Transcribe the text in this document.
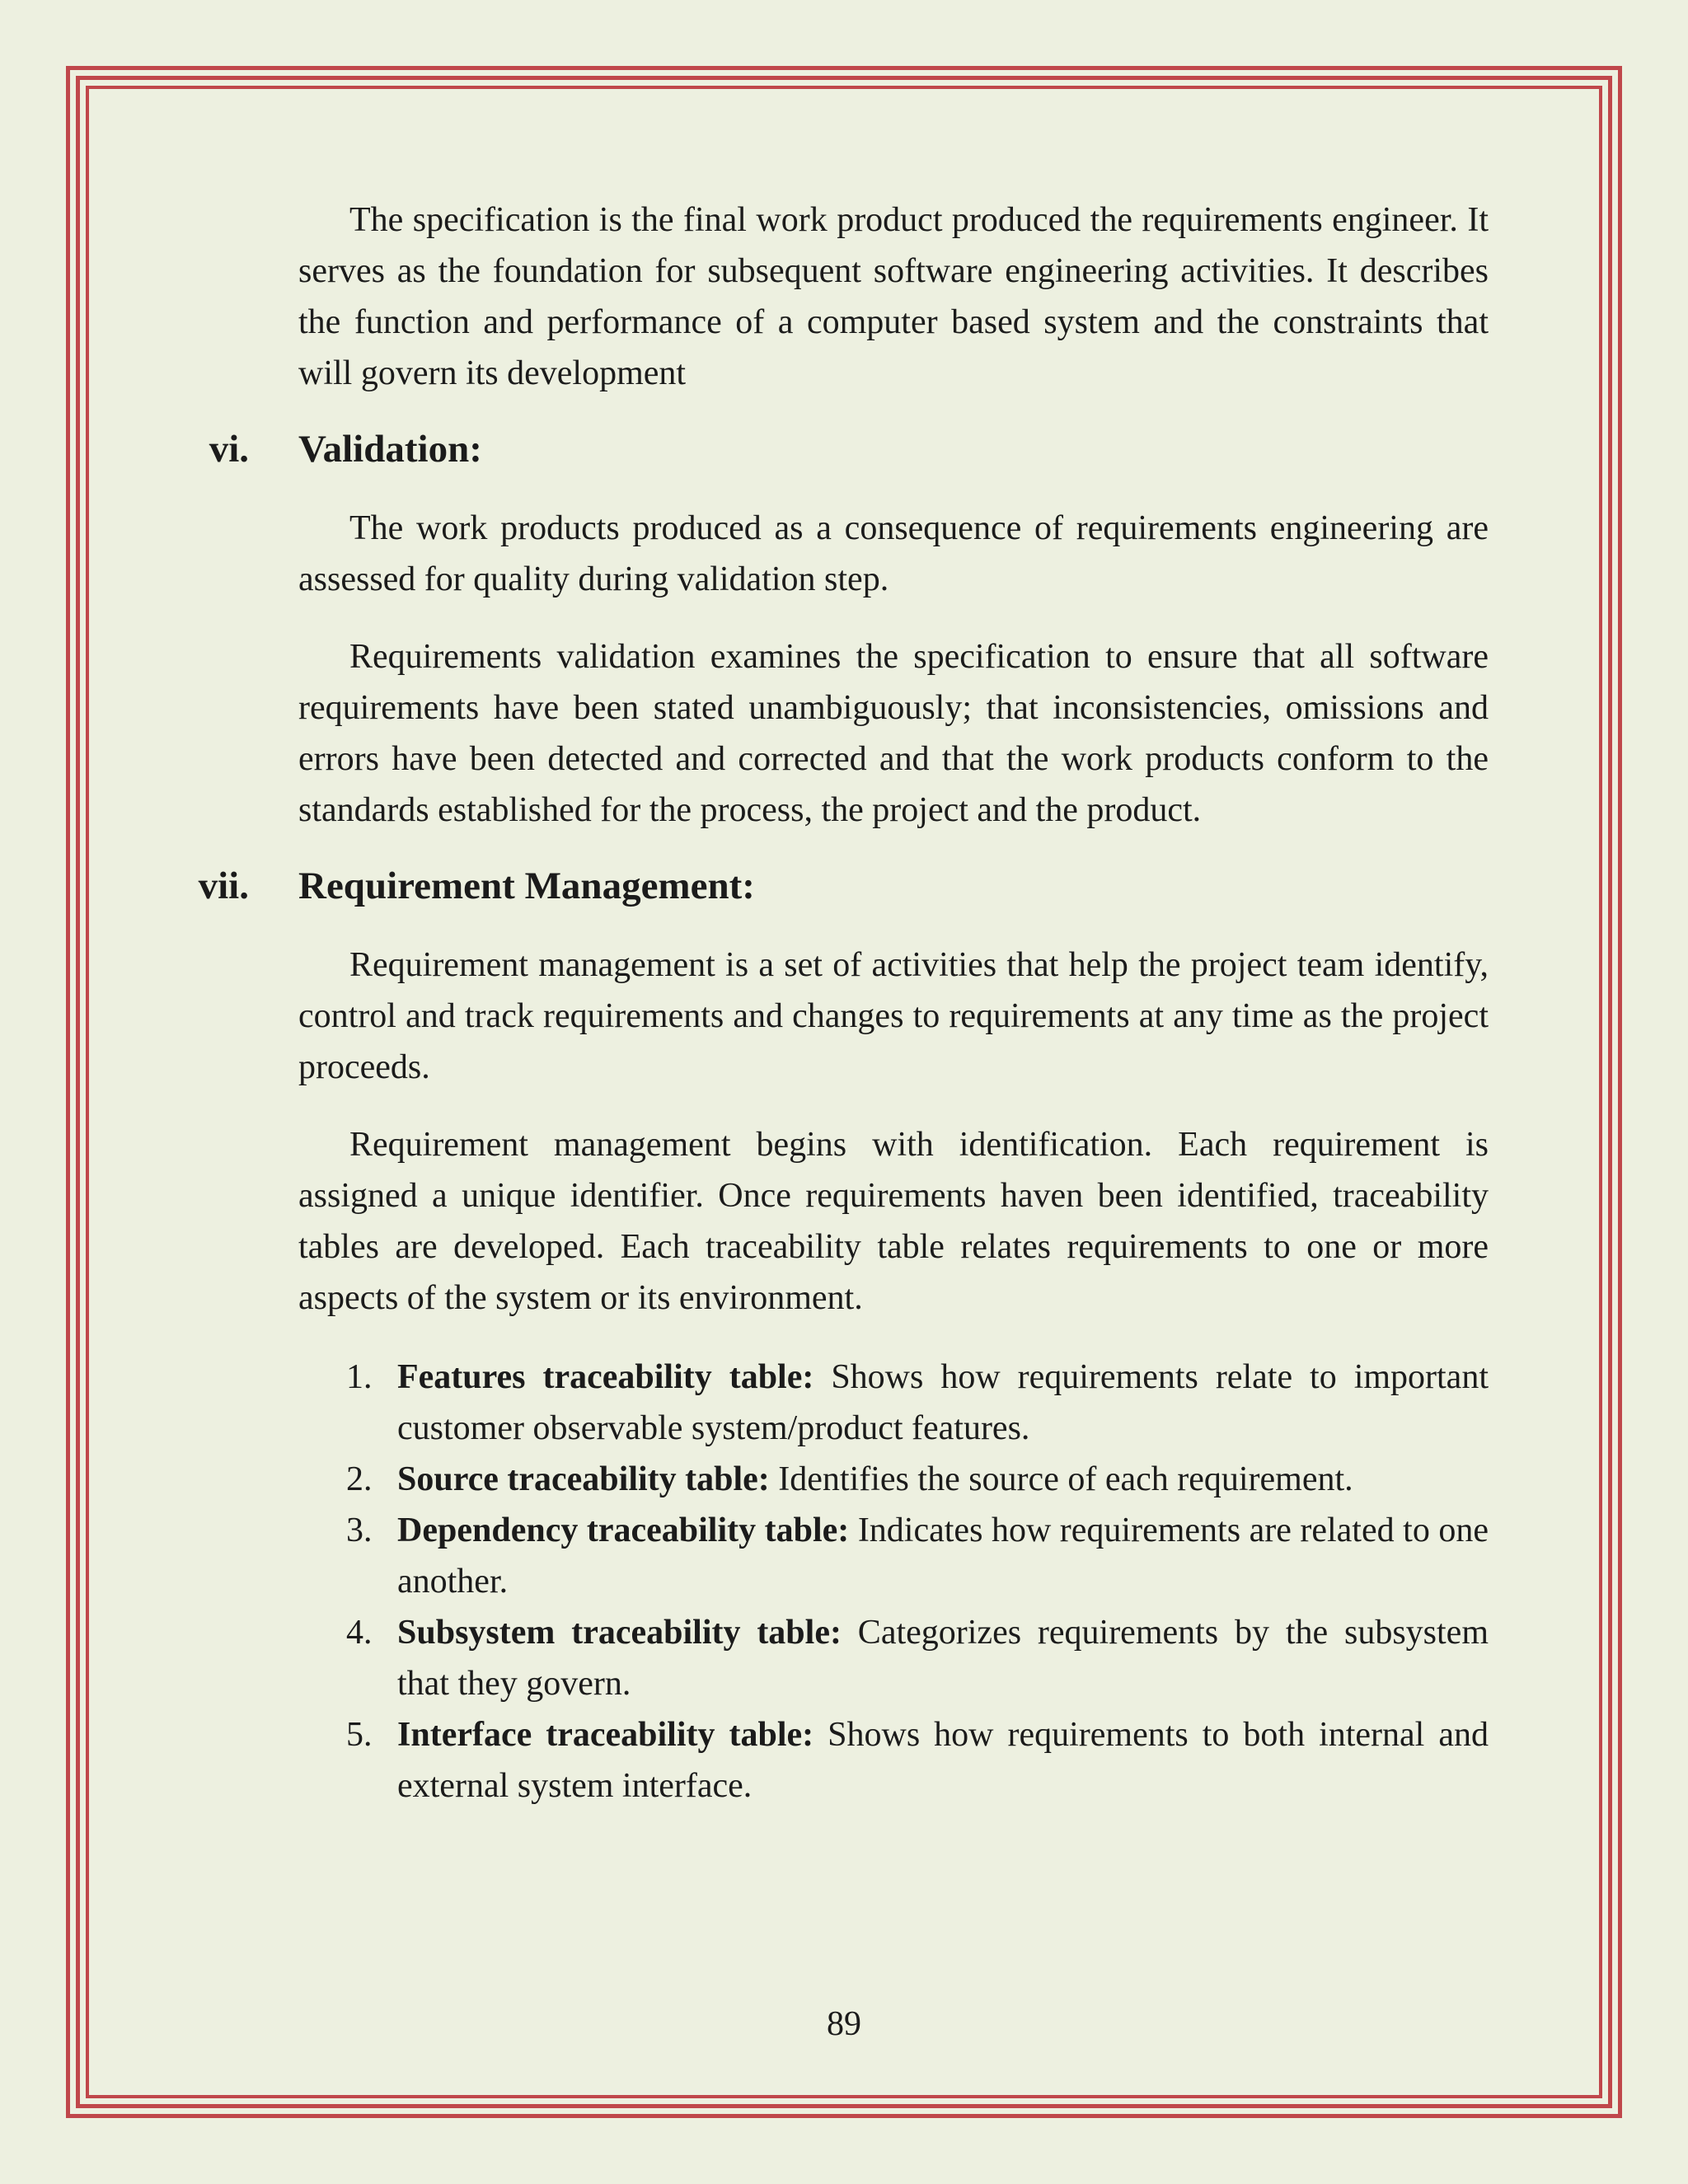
The specification is the final work product produced the requirements engineer. It serves as the foundation for subsequent software engineering activities. It describes the function and performance of a computer based system and the constraints that will govern its development

vi. Validation:

The work products produced as a consequence of requirements engineering are assessed for quality during validation step.

Requirements validation examines the specification to ensure that all software requirements have been stated unambiguously; that inconsistencies, omissions and errors have been detected and corrected and that the work products conform to the standards established for the process, the project and the product.

vii. Requirement Management:

Requirement management is a set of activities that help the project team identify, control and track requirements and changes to requirements at any time as the project proceeds.

Requirement management begins with identification. Each requirement is assigned a unique identifier. Once requirements haven been identified, traceability tables are developed. Each traceability table relates requirements to one or more aspects of the system or its environment.

1. Features traceability table: Shows how requirements relate to important customer observable system/product features.
2. Source traceability table: Identifies the source of each requirement.
3. Dependency traceability table: Indicates how requirements are related to one another.
4. Subsystem traceability table: Categorizes requirements by the subsystem that they govern.
5. Interface traceability table: Shows how requirements to both internal and external system interface.
89
